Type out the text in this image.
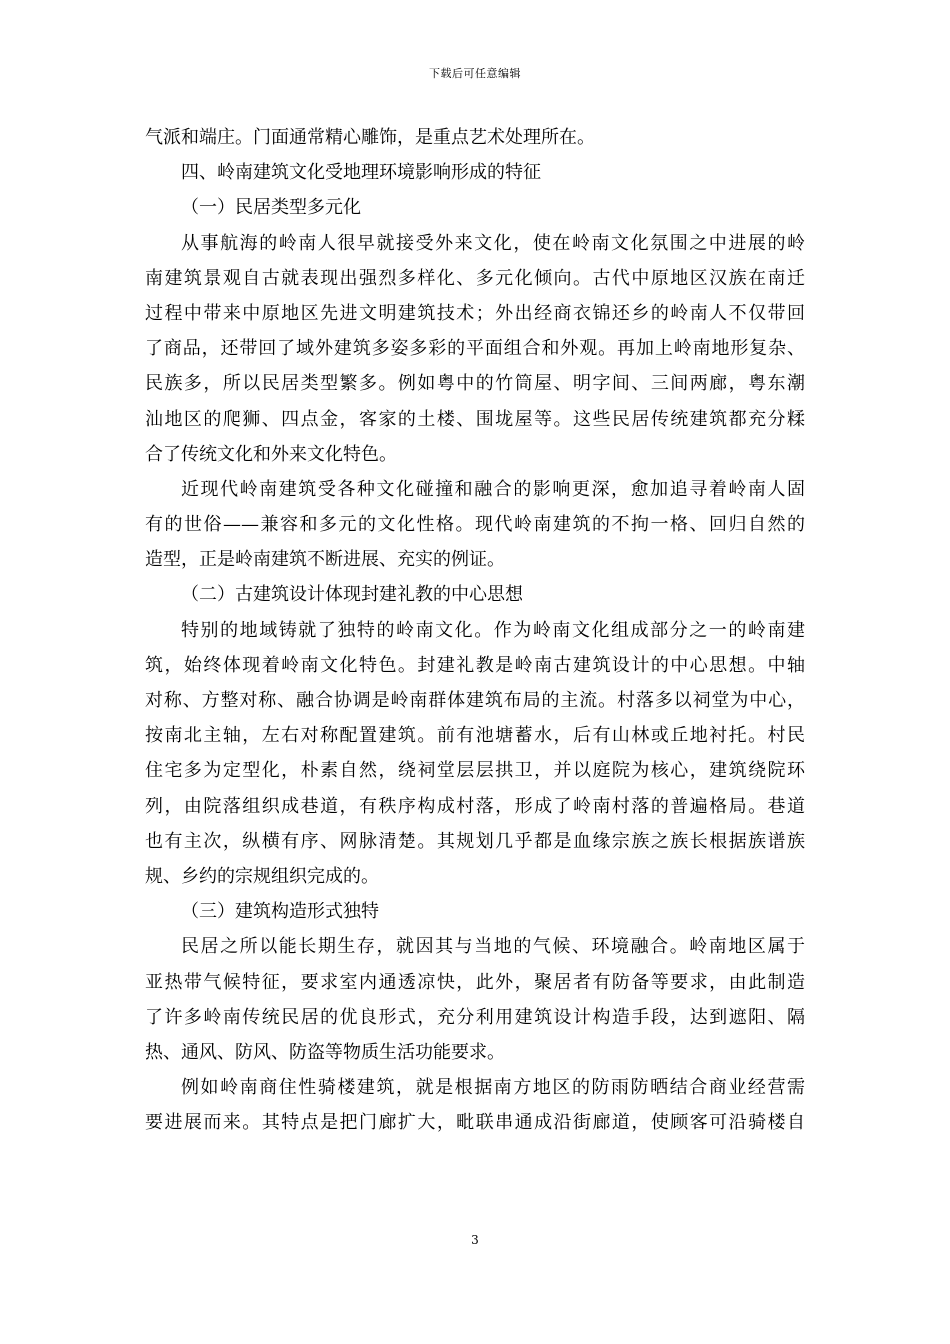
下载后可任意编辑
气派和端庄。门面通常精心雕饰，是重点艺术处理所在。
四、岭南建筑文化受地理环境影响形成的特征
（一）民居类型多元化
从事航海的岭南人很早就接受外来文化，使在岭南文化氛围之中进展的岭
南建筑景观自古就表现出强烈多样化、多元化倾向。古代中原地区汉族在南迁
过程中带来中原地区先进文明建筑技术；外出经商衣锦还乡的岭南人不仅带回
了商品，还带回了域外建筑多姿多彩的平面组合和外观。再加上岭南地形复杂、
民族多，所以民居类型繁多。例如粤中的竹筒屋、明字间、三间两廊，粤东潮
汕地区的爬狮、四点金，客家的土楼、围垅屋等。这些民居传统建筑都充分糅
合了传统文化和外来文化特色。
近现代岭南建筑受各种文化碰撞和融合的影响更深，愈加追寻着岭南人固
有的世俗——兼容和多元的文化性格。现代岭南建筑的不拘一格、回归自然的
造型，正是岭南建筑不断进展、充实的例证。
（二）古建筑设计体现封建礼教的中心思想
特别的地域铸就了独特的岭南文化。作为岭南文化组成部分之一的岭南建
筑，始终体现着岭南文化特色。封建礼教是岭南古建筑设计的中心思想。中轴
对称、方整对称、融合协调是岭南群体建筑布局的主流。村落多以祠堂为中心，
按南北主轴，左右对称配置建筑。前有池塘蓄水，后有山林或丘地衬托。村民
住宅多为定型化，朴素自然，绕祠堂层层拱卫，并以庭院为核心，建筑绕院环
列，由院落组织成巷道，有秩序构成村落，形成了岭南村落的普遍格局。巷道
也有主次，纵横有序、网脉清楚。其规划几乎都是血缘宗族之族长根据族谱族
规、乡约的宗规组织完成的。
（三）建筑构造形式独特
民居之所以能长期生存，就因其与当地的气候、环境融合。岭南地区属于
亚热带气候特征，要求室内通透凉快，此外，聚居者有防备等要求，由此制造
了许多岭南传统民居的优良形式，充分利用建筑设计构造手段，达到遮阳、隔
热、通风、防风、防盗等物质生活功能要求。
例如岭南商住性骑楼建筑，就是根据南方地区的防雨防晒结合商业经营需
要进展而来。其特点是把门廊扩大，毗联串通成沿街廊道，使顾客可沿骑楼自
3
